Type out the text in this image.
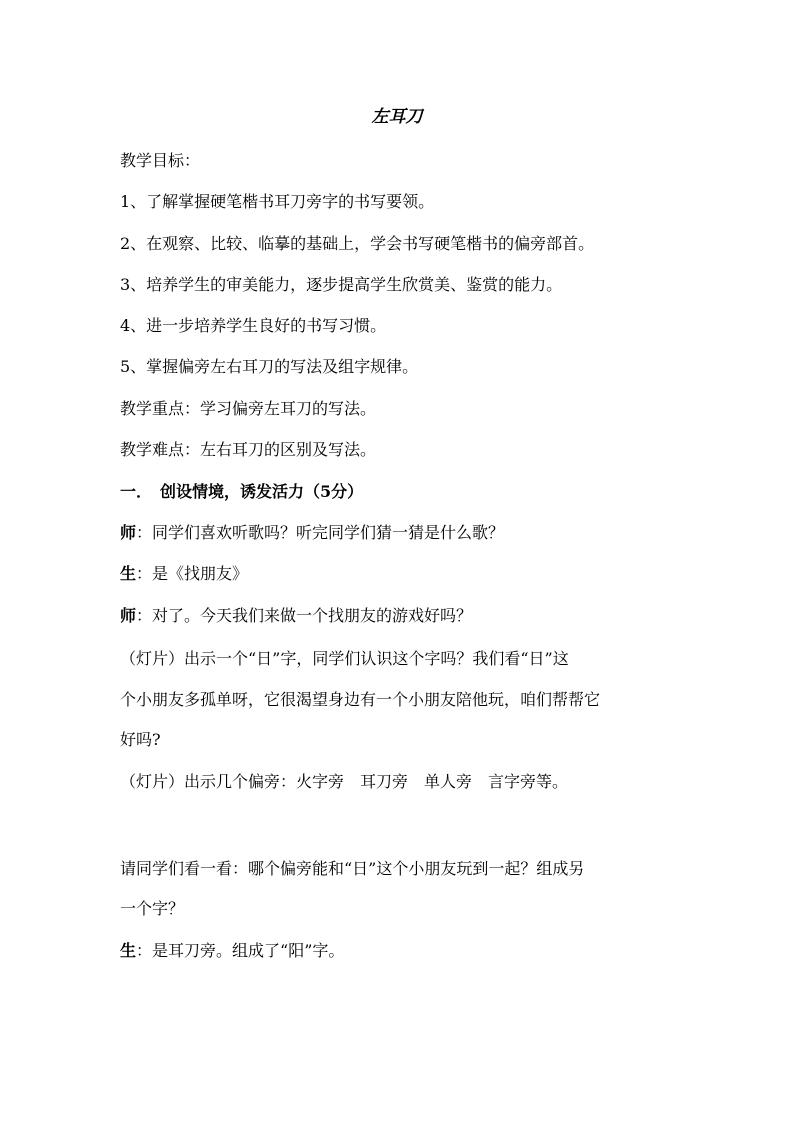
左耳刀
教学目标：
1、了解掌握硬笔楷书耳刀旁字的书写要领。
2、在观察、比较、临摹的基础上，学会书写硬笔楷书的偏旁部首。
3、培养学生的审美能力，逐步提高学生欣赏美、鉴赏的能力。
4、进一步培养学生良好的书写习惯。
5、掌握偏旁左右耳刀的写法及组字规律。
教学重点：学习偏旁左耳刀的写法。
教学难点：左右耳刀的区别及写法。
一．　创设情境，诱发活力（5分）
师：同学们喜欢听歌吗？听完同学们猜一猜是什么歌？
生：是《找朋友》
师：对了。今天我们来做一个找朋友的游戏好吗？
（灯片）出示一个“日”字，同学们认识这个字吗？我们看“日”这
个小朋友多孤单呀，它很渴望身边有一个小朋友陪他玩，咱们帮帮它
好吗?
（灯片）出示几个偏旁：火字旁　耳刀旁　单人旁　言字旁等。
请同学们看一看：哪个偏旁能和“日”这个小朋友玩到一起？组成另
一个字？
生：是耳刀旁。组成了“阳”字。
